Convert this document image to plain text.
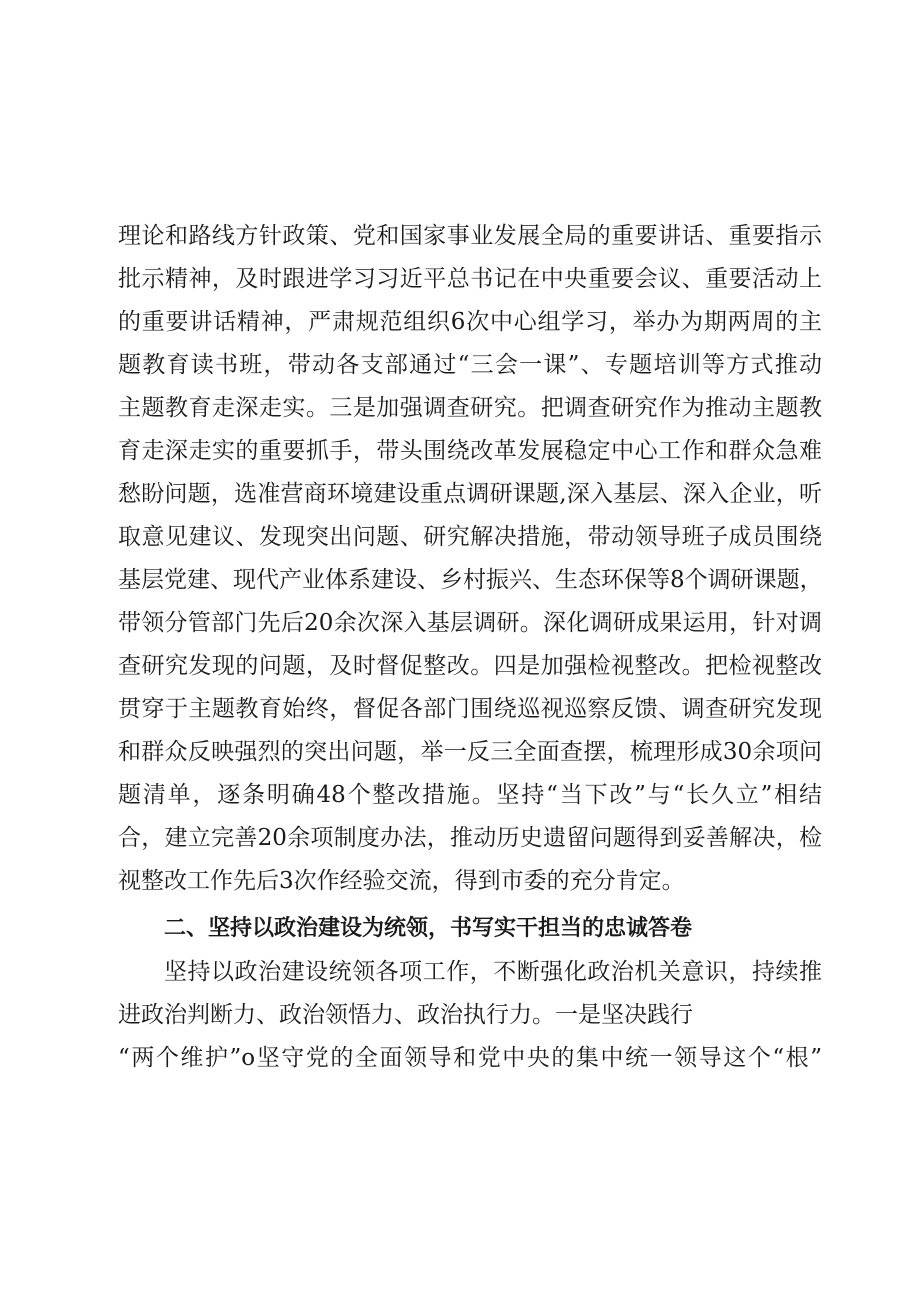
理论和路线方针政策、党和国家事业发展全局的重要讲话、重要指示
批示精神，及时跟进学习习近平总书记在中央重要会议、重要活动上
的重要讲话精神，严肃规范组织6次中心组学习，举办为期两周的主
题教育读书班，带动各支部通过“三会一课”、专题培训等方式推动
主题教育走深走实。三是加强调查研究。把调查研究作为推动主题教
育走深走实的重要抓手，带头围绕改革发展稳定中心工作和群众急难
愁盼问题，选准营商环境建设重点调研课题,深入基层、深入企业，听
取意见建议、发现突出问题、研究解决措施，带动领导班子成员围绕
基层党建、现代产业体系建设、乡村振兴、生态环保等8个调研课题，
带领分管部门先后20余次深入基层调研。深化调研成果运用，针对调
查研究发现的问题，及时督促整改。四是加强检视整改。把检视整改
贯穿于主题教育始终，督促各部门围绕巡视巡察反馈、调查研究发现
和群众反映强烈的突出问题，举一反三全面查摆，梳理形成30余项问
题清单，逐条明确48个整改措施。坚持“当下改”与“长久立”相结
合，建立完善20余项制度办法，推动历史遗留问题得到妥善解决，检
视整改工作先后3次作经验交流，得到市委的充分肯定。
二、坚持以政治建设为统领，书写实干担当的忠诚答卷
坚持以政治建设统领各项工作，不断强化政治机关意识，持续推
进政治判断力、政治领悟力、政治执行力。一是坚决践行
“两个维护”o坚守党的全面领导和党中央的集中统一领导这个“根”
